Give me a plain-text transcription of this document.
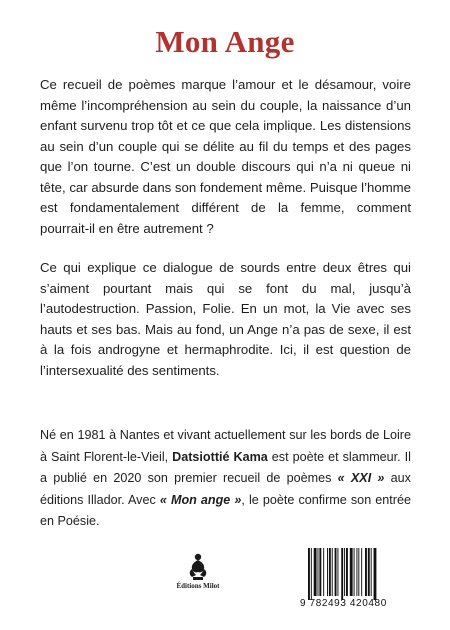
Mon Ange

Ce recueil de poèmes marque l’amour et le désamour, voire même l’incompréhension au sein du couple, la naissance d’un enfant survenu trop tôt et ce que cela implique. Les distensions au sein d’un couple qui se délite au fil du temps et des pages que l’on tourne. C’est un double discours qui n’a ni queue ni tête, car absurde dans son fondement même. Puisque l’homme est fondamentalement différent de la femme, comment pourrait-il en être autrement ?

Ce qui explique ce dialogue de sourds entre deux êtres qui s’aiment pourtant mais qui se font du mal, jusqu’à l’autodestruction. Passion, Folie. En un mot, la Vie avec ses hauts et ses bas. Mais au fond, un Ange n’a pas de sexe, il est à la fois androgyne et hermaphrodite. Ici, il est question de l’intersexualité des sentiments.

Né en 1981 à Nantes et vivant actuellement sur les bords de Loire à Saint Florent-le-Vieil, Datsiottié Kama est poète et slammeur. Il a publié en 2020 son premier recueil de poèmes « XXI » aux éditions Illador. Avec « Mon ange », le poète confirme son entrée en Poésie.

Éditions Milot
9 782493 420480
